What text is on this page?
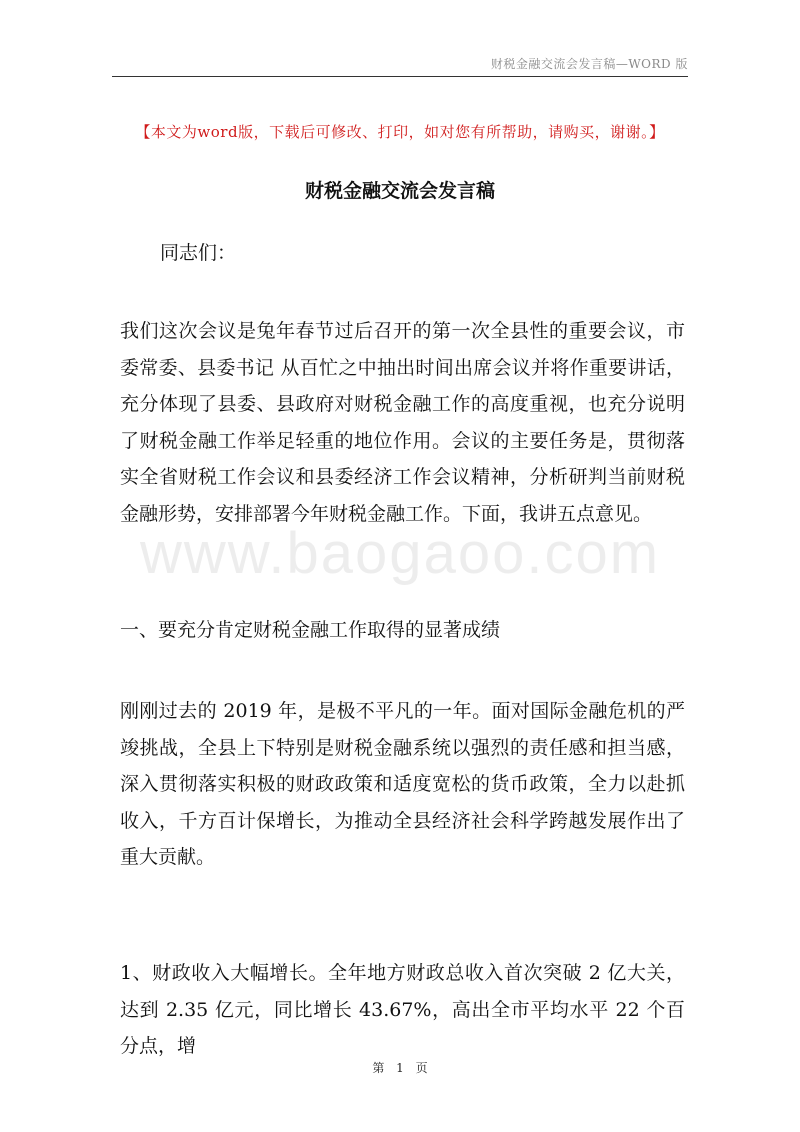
财税金融交流会发言稿—WORD 版
【本文为word版，下载后可修改、打印，如对您有所帮助，请购买，谢谢。】
财税金融交流会发言稿
同志们：
我们这次会议是兔年春节过后召开的第一次全县性的重要会议，市委常委、县委书记 从百忙之中抽出时间出席会议并将作重要讲话，充分体现了县委、县政府对财税金融工作的高度重视，也充分说明了财税金融工作举足轻重的地位作用。会议的主要任务是，贯彻落实全省财税工作会议和县委经济工作会议精神，分析研判当前财税金融形势，安排部署今年财税金融工作。下面，我讲五点意见。
一、要充分肯定财税金融工作取得的显著成绩
刚刚过去的 2019 年，是极不平凡的一年。面对国际金融危机的严竣挑战，全县上下特别是财税金融系统以强烈的责任感和担当感，深入贯彻落实积极的财政政策和适度宽松的货币政策，全力以赴抓收入，千方百计保增长，为推动全县经济社会科学跨越发展作出了重大贡献。
1、财政收入大幅增长。全年地方财政总收入首次突破 2 亿大关，达到 2.35 亿元，同比增长 43.67%，高出全市平均水平 22 个百分点，增
www.baogaoo.com
第 1 页
